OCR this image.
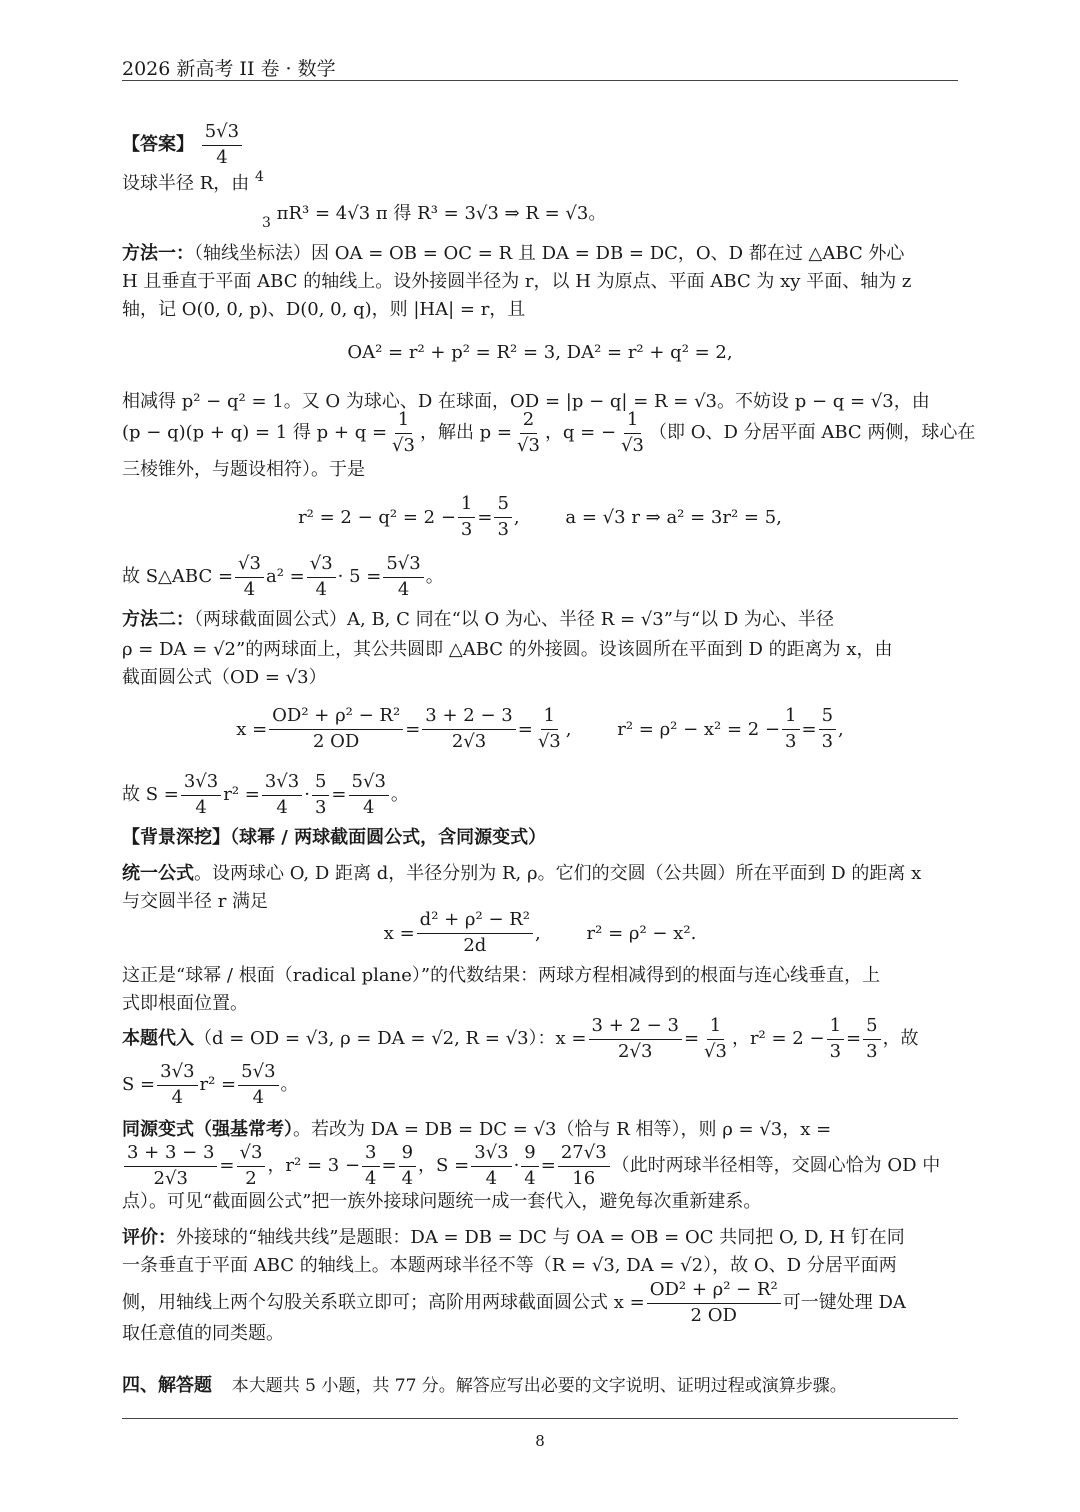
2026 新高考 II 卷 · 数学
【答案】 $\frac{5√3}{4}$
设球半径 R，由 $^4$
$_3$ πR³ = 4√3 π 得 R³ = 3√3 ⇒ R = √3。
方法一：（轴线坐标法）因 OA = OB = OC = R 且 DA = DB = DC，O、D 都在过 △ABC 外心
H 且垂直于平面 ABC 的轴线上。设外接圆半径为 r，以 H 为原点、平面 ABC 为 xy 平面、轴为 z
轴，记 O(0, 0, p)、D(0, 0, q)，则 |HA| = r，且
OA² = r² + p² = R² = 3, DA² = r² + q² = 2,
相减得 p² − q² = 1。又 O 为球心、D 在球面，OD = |p − q| = R = √3。不妨设 p − q = √3，由
(p − q)(p + q) = 1 得 $p + q = \frac{1}{√3}$ ，解出 $p = \frac{2}{√3}$ ，q = − $\frac{1}{√3}$ （即 O、D 分居平面 ABC 两侧，球心在
三棱锥外，与题设相符）。于是
$r^2 = 2 - q^2 = 2 - \frac{1}{3} = \frac{5}{3}$ ,        a = √3 r ⇒ a² = 3r² = 5,
故 S△ABC = $\frac{√3}{4} a^2 = \frac{√3}{4} \cdot 5 = \frac{5√3}{4}$ 。
方法二：（两球截面圆公式）A, B, C 同在“以 O 为心、半径 R = √3”与“以 D 为心、半径
ρ = DA = √2”的两球面上，其公共圆即 △ABC 的外接圆。设该圆所在平面到 D 的距离为 x，由
截面圆公式（OD = √3）
$x = \frac{\text{OD² + ρ² − R²}}{2 OD} = \frac{3 + 2 - 3}{2√3} = \frac{1}{√3}$ ,        $r^2 = \rho^2 - x^2 = 2 - \frac{1}{3} = \frac{5}{3}$ ,
故 $S = \frac{3√3}{4} r^2 = \frac{3√3}{4} \cdot \frac{5}{3} = \frac{5√3}{4}$ 。
【背景深挖】（球幂 / 两球截面圆公式，含同源变式）
统一公式。设两球心 O, D 距离 d，半径分别为 R, ρ。它们的交圆（公共圆）所在平面到 D 的距离 x
与交圆半径 r 满足
$x = \frac{\text{d² + ρ² − R²}}{2d}$ ,        r² = ρ² − x².
这正是“球幂 / 根面（radical plane）”的代数结果：两球方程相减得到的根面与连心线垂直，上
式即根面位置。
本题代入 （d = OD = √3, ρ = DA = √2, R = √3）：$x = \frac{3 + 2 - 3}{2√3} = \frac{1}{√3}$ ，$r^2 = 2 - \frac{1}{3} = \frac{5}{3}$ ，故
$S = \frac{3√3}{4} r^2 = \frac{5√3}{4}$ 。
同源变式（强基常考）。若改为 DA = DB = DC = √3（恰与 R 相等），则 ρ = √3，x =
$\frac{3 + 3 - 3}{2√3} = \frac{√3}{2}$ ，$r^2 = 3 - \frac{3}{4} = \frac{9}{4}$ ，$S = \frac{3√3}{4} \cdot \frac{9}{4} = \frac{27√3}{16}$ （此时两球半径相等，交圆心恰为 OD 中
点）。可见“截面圆公式”把一族外接球问题统一成一套代入，避免每次重新建系。
评价：外接球的“轴线共线”是题眼：DA = DB = DC 与 OA = OB = OC 共同把 O, D, H 钉在同
一条垂直于平面 ABC 的轴线上。本题两球半径不等（R = √3, DA = √2），故 O、D 分居平面两
侧，用轴线上两个勾股关系联立即可；高阶用两球截面圆公式 $x = \frac{\text{OD² + ρ² − R²}}{2 OD}$ 可一键处理 DA
取任意值的同类题。
四、解答题 本大题共 5 小题，共 77 分。解答应写出必要的文字说明、证明过程或演算步骤。
8
